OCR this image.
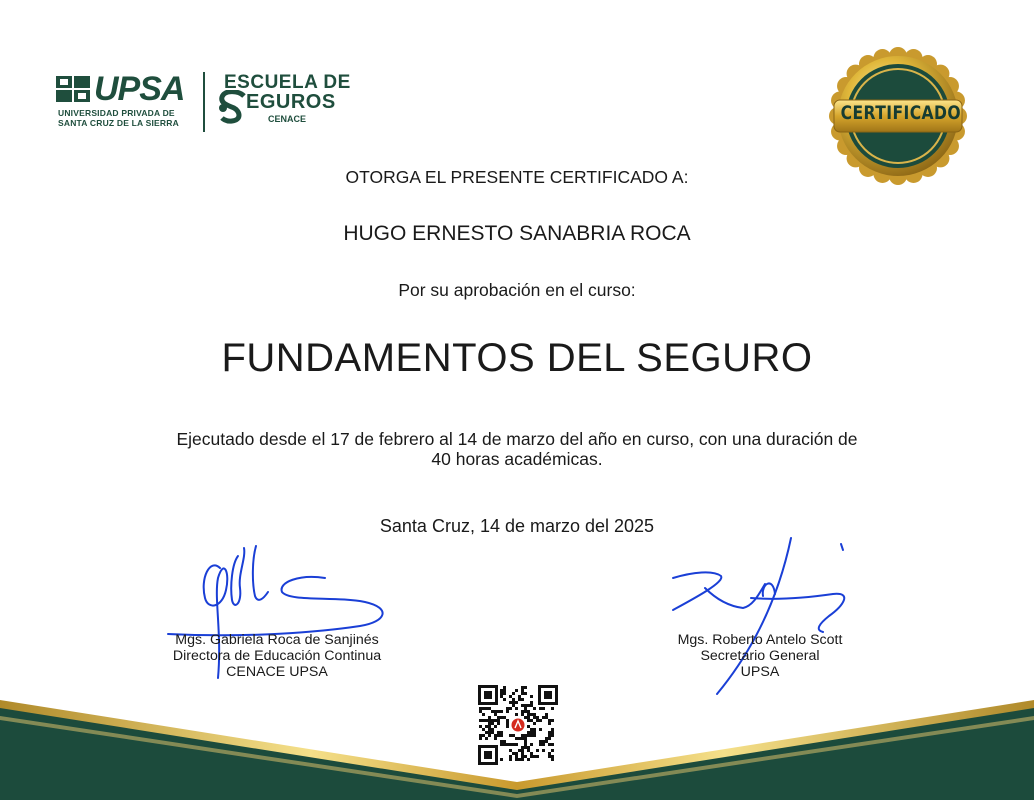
UPSA
UNIVERSIDAD PRIVADA DE
SANTA CRUZ DE LA SIERRA
ESCUELA DE
EGUROS
CENACE	CERTIFICADO
OTORGA EL PRESENTE CERTIFICADO A:
HUGO ERNESTO SANABRIA ROCA
Por su aprobación en el curso:
FUNDAMENTOS DEL SEGURO
Ejecutado desde el 17 de febrero al 14 de marzo del año en curso, con una duración de
40 horas académicas.
Santa Cruz, 14 de marzo del 2025
Mgs. Gabriela Roca de Sanjinés
Directora de Educación Continua
CENACE UPSA
Mgs. Roberto Antelo Scott
Secretario General
UPSA
